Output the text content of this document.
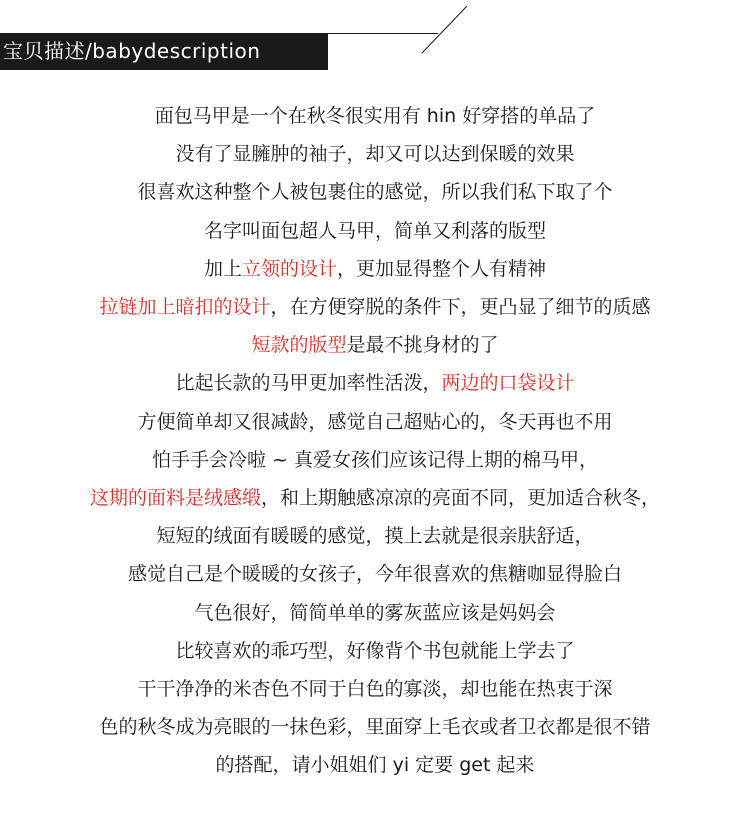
宝贝描述/babydescription
面包马甲是一个在秋冬很实用有 hin 好穿搭的单品了
没有了显臃肿的袖子，却又可以达到保暖的效果
很喜欢这种整个人被包裹住的感觉，所以我们私下取了个
名字叫面包超人马甲，简单又利落的版型
加上立领的设计，更加显得整个人有精神
拉链加上暗扣的设计，在方便穿脱的条件下，更凸显了细节的质感
短款的版型是最不挑身材的了
比起长款的马甲更加率性活泼，两边的口袋设计
方便简单却又很减龄，感觉自己超贴心的，冬天再也不用
怕手手会冷啦 ~ 真爱女孩们应该记得上期的棉马甲，
这期的面料是绒感缎，和上期触感凉凉的亮面不同，更加适合秋冬，
短短的绒面有暖暖的感觉，摸上去就是很亲肤舒适，
感觉自己是个暖暖的女孩子，今年很喜欢的焦糖咖显得脸白
气色很好，简简单单的雾灰蓝应该是妈妈会
比较喜欢的乖巧型，好像背个书包就能上学去了
干干净净的米杏色不同于白色的寡淡，却也能在热衷于深
色的秋冬成为亮眼的一抹色彩，里面穿上毛衣或者卫衣都是很不错
的搭配，请小姐姐们 yi 定要 get 起来
